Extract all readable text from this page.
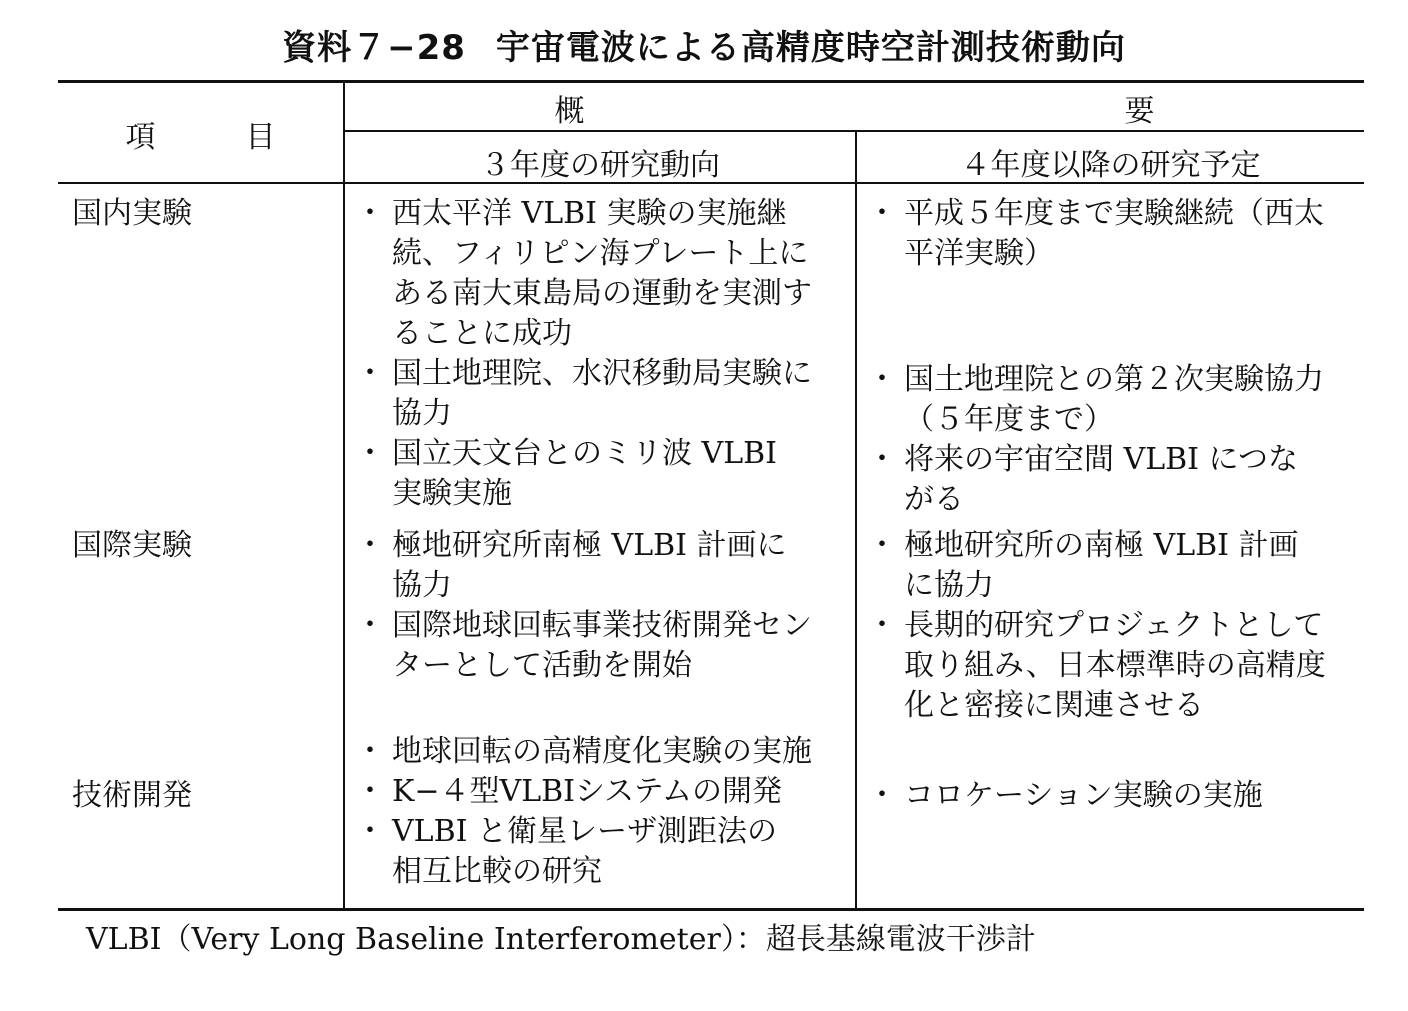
資料７−28 宇宙電波による高精度時空計測技術動向
項　　　目
概　　　　　　　　　　　　　　　　　　要
３年度の研究動向	４年度以降の研究予定
国内実験
国際実験
技術開発
・ 西太平洋 VLBI 実験の実施継
続、フィリピン海プレート上に
ある南大東島局の運動を実測す
ることに成功
・ 国土地理院、水沢移動局実験に
協力
・ 国立天文台とのミリ波 VLBI
実験実施
・ 平成５年度まで実験継続（西太
平洋実験）
・ 国土地理院との第２次実験協力
（５年度まで）
・ 将来の宇宙空間 VLBI につな
がる
・ 極地研究所南極 VLBI 計画に
協力
・ 国際地球回転事業技術開発セン
ターとして活動を開始
・ 極地研究所の南極 VLBI 計画
に協力
・ 長期的研究プロジェクトとして
取り組み、日本標準時の高精度
化と密接に関連させる
・ 地球回転の高精度化実験の実施
・ K−４型VLBIシステムの開発
・ VLBI と衛星レーザ測距法の
相互比較の研究
・ コロケーション実験の実施
VLBI（Very Long Baseline Interferometer）：超長基線電波干渉計
